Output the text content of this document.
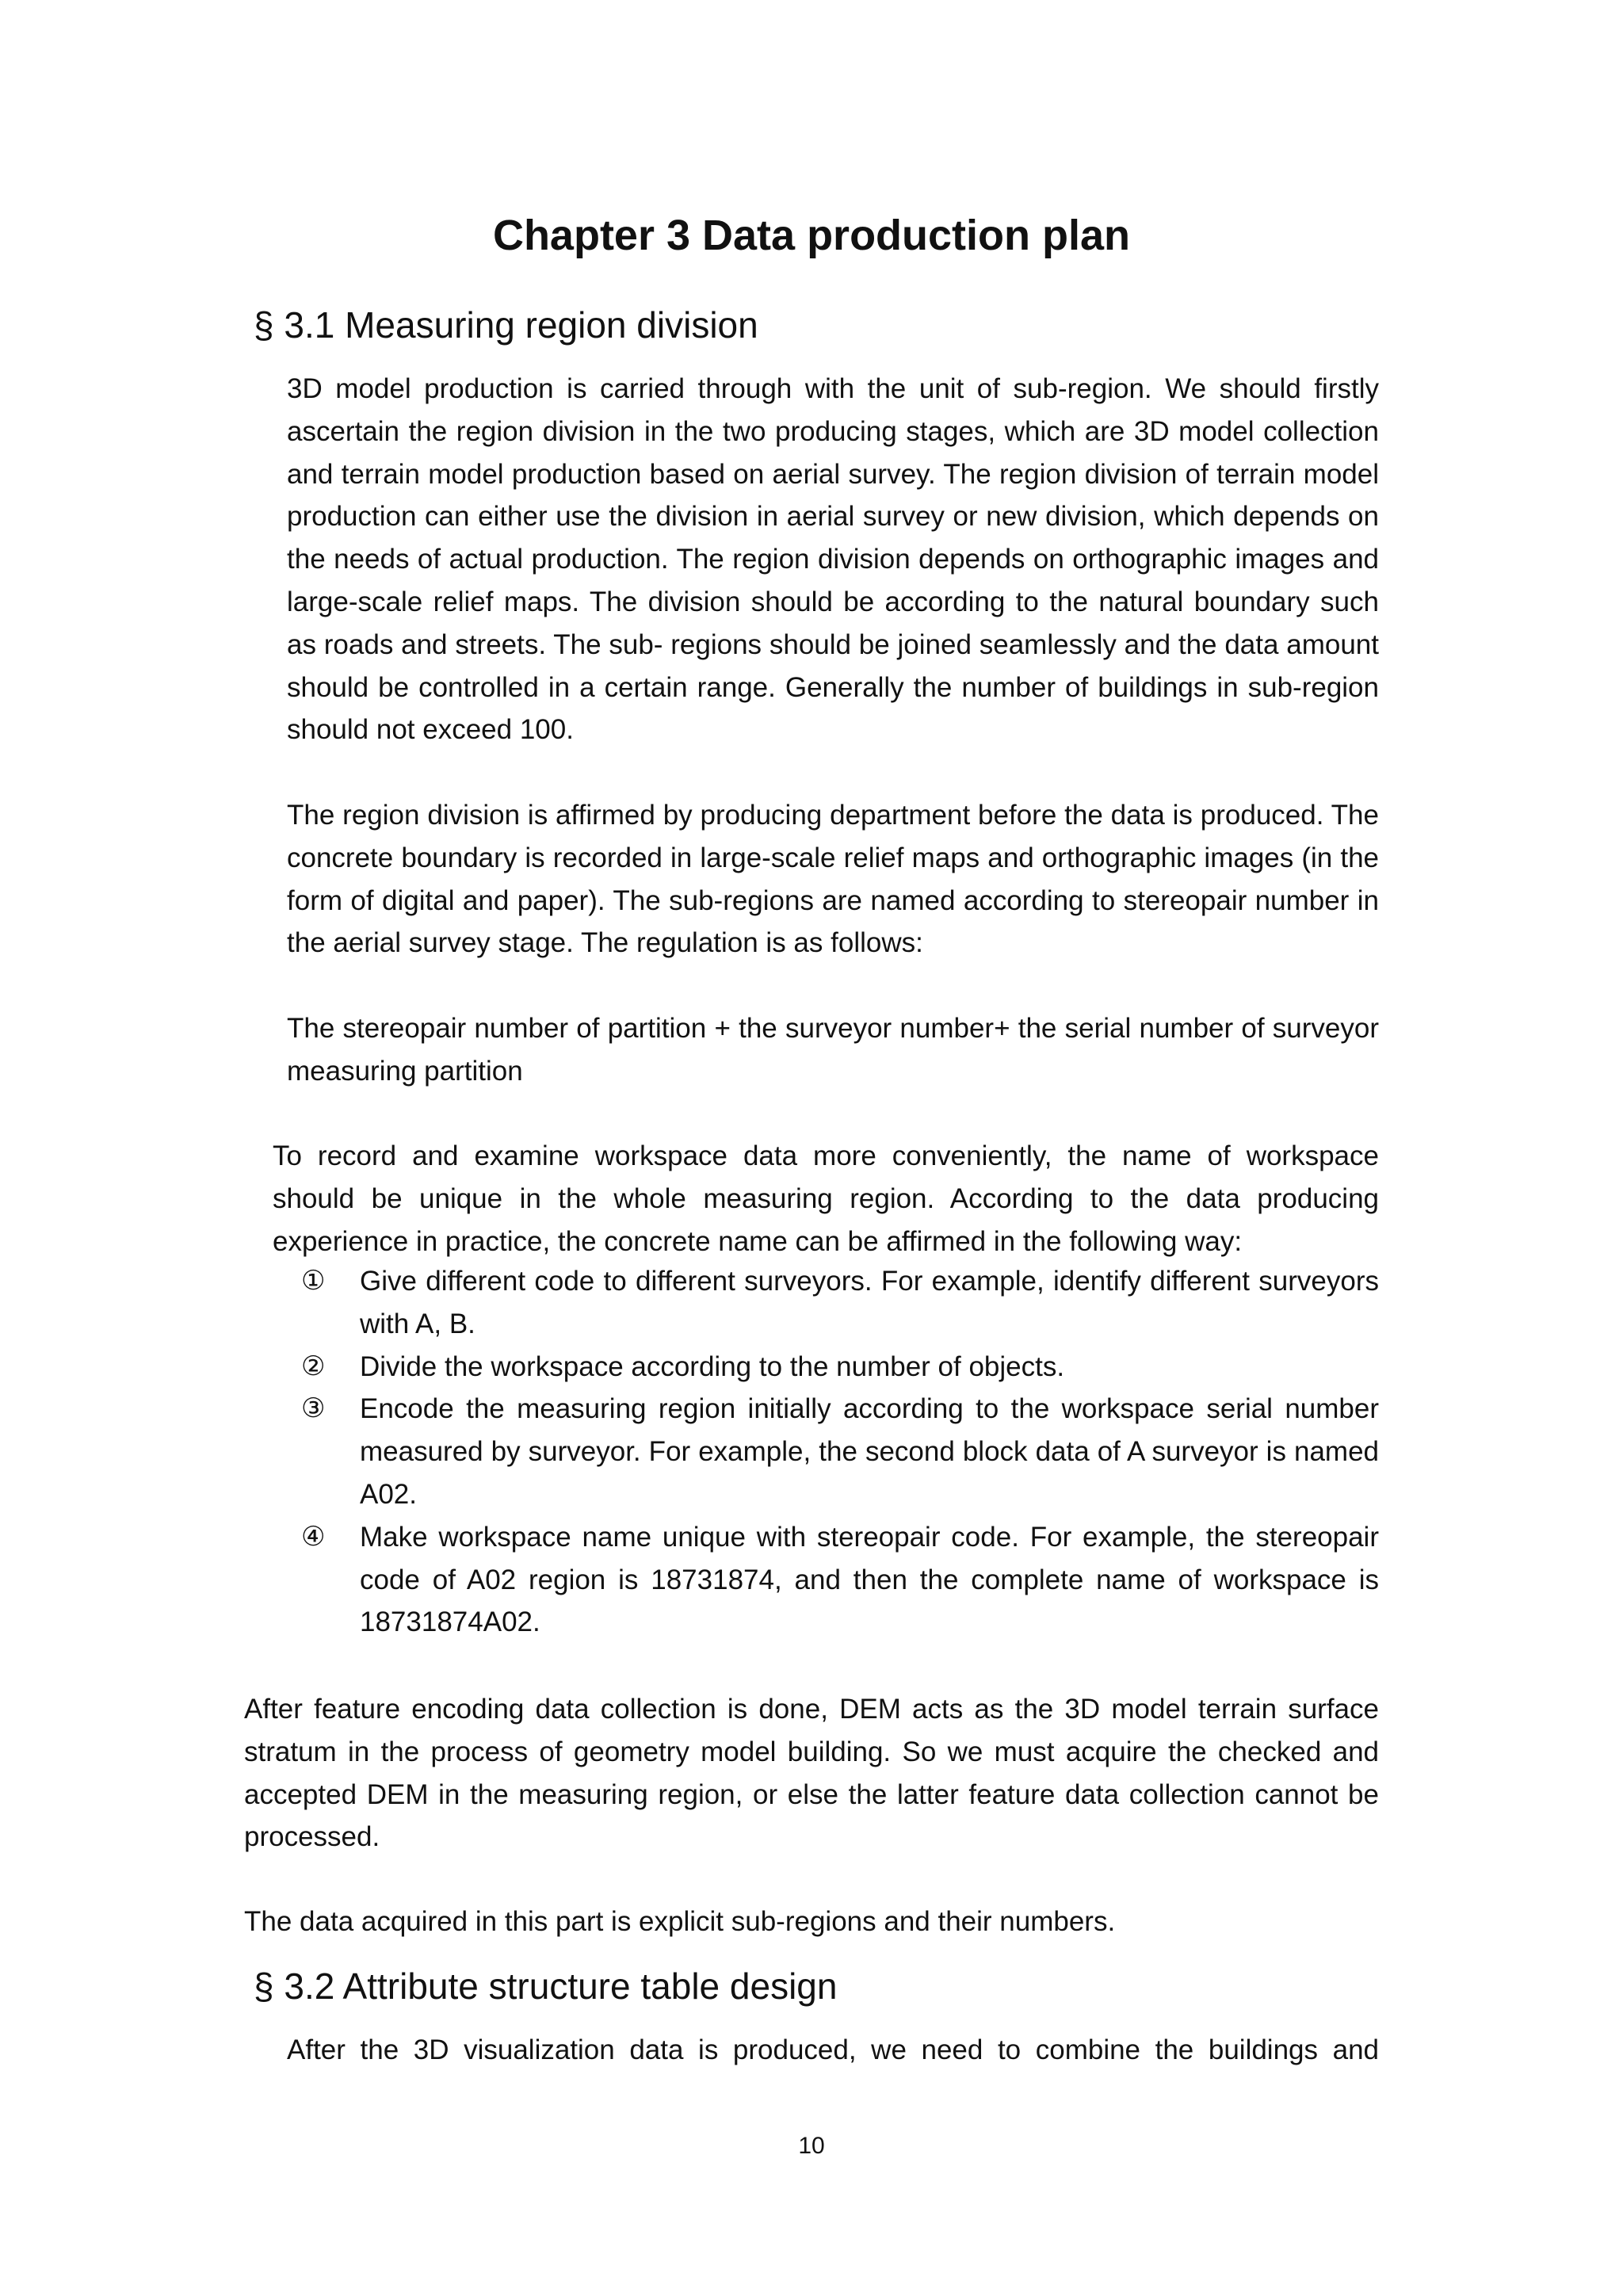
Chapter 3 Data production plan
§ 3.1 Measuring region division

3D model production is carried through with the unit of sub-region. We should firstly ascertain the region division in the two producing stages, which are 3D model collection and terrain model production based on aerial survey. The region division of terrain model production can either use the division in aerial survey or new division, which depends on the needs of actual production. The region division depends on orthographic images and large-scale relief maps. The division should be according to the natural boundary such as roads and streets. The sub- regions should be joined seamlessly and the data amount should be controlled in a certain range. Generally the number of buildings in sub-region should not exceed 100.

The region division is affirmed by producing department before the data is produced. The concrete boundary is recorded in large-scale relief maps and orthographic images (in the form of digital and paper). The sub-regions are named according to stereopair number in the aerial survey stage. The regulation is as follows:

The stereopair number of partition + the surveyor number+ the serial number of surveyor measuring partition

To record and examine workspace data more conveniently, the name of workspace should be unique in the whole measuring region. According to the data producing experience in practice, the concrete name can be affirmed in the following way:

①	Give different code to different surveyors. For example, identify different surveyors with A, B.
②	Divide the workspace according to the number of objects.
③	Encode the measuring region initially according to the workspace serial number measured by surveyor. For example, the second block data of A surveyor is named A02.
④	Make workspace name unique with stereopair code. For example, the stereopair code of A02 region is 18731874, and then the complete name of workspace is 18731874A02.

After feature encoding data collection is done, DEM acts as the 3D model terrain surface stratum in the process of geometry model building. So we must acquire the checked and accepted DEM in the measuring region, or else the latter feature data collection cannot be processed.

The data acquired in this part is explicit sub-regions and their numbers.

§ 3.2 Attribute structure table design

After the 3D visualization data is produced, we need to combine the buildings and

10
